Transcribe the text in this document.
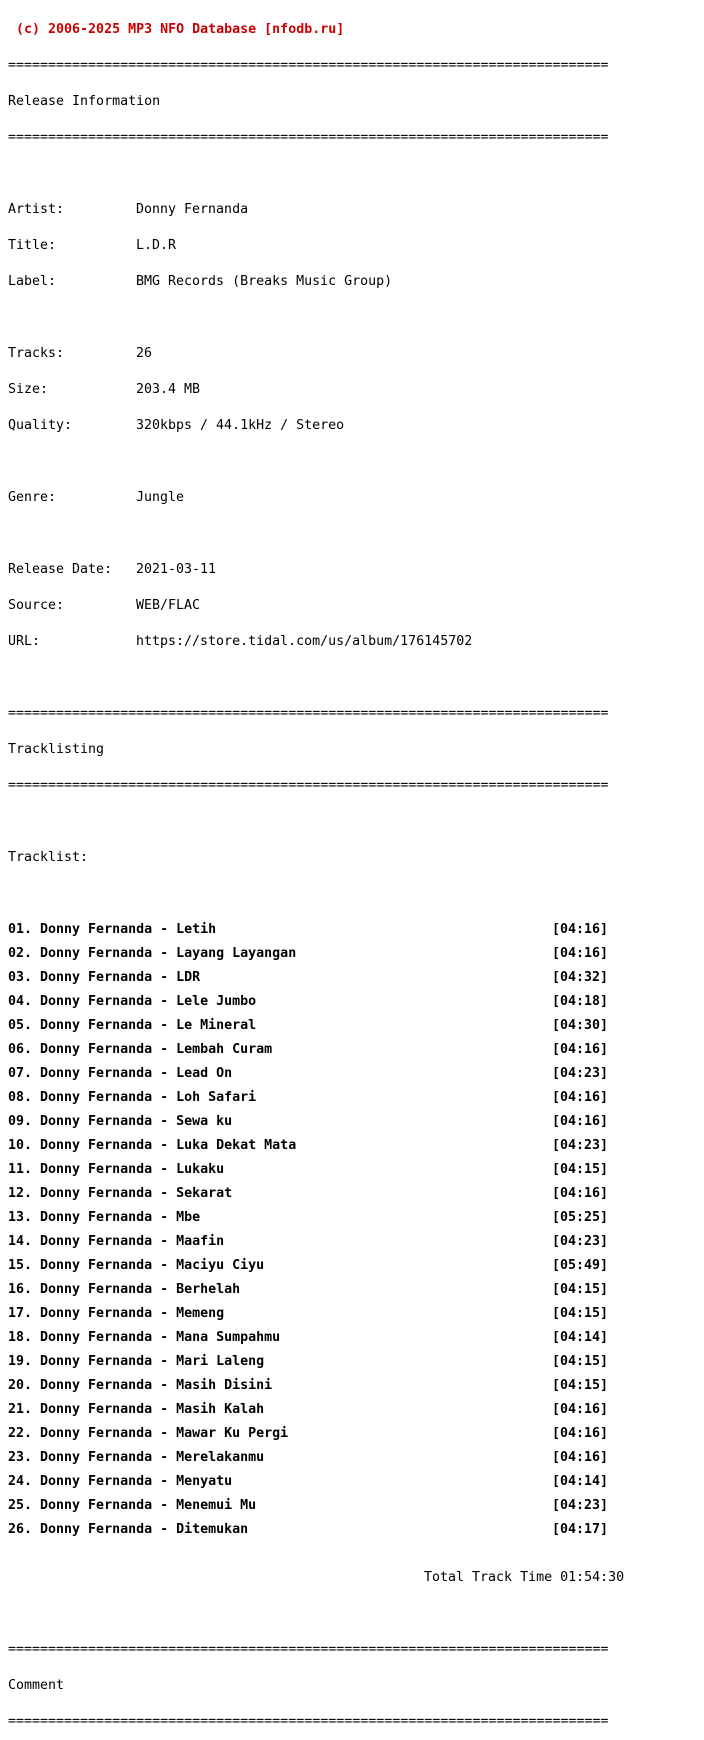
(c) 2006-2025 MP3 NFO Database [nfodb.ru]

===========================================================================

Release Information

===========================================================================

Artist:	Donny Fernanda

Title:	L.D.R

Label:	BMG Records (Breaks Music Group)

Tracks:	26

Size:	203.4 MB

Quality:	320kbps / 44.1kHz / Stereo

Genre:	Jungle

Release Date: 2021-03-11

Source:	WEB/FLAC

URL:	https://store.tidal.com/us/album/176145702

===========================================================================

Tracklisting

===========================================================================

Tracklist:

01. Donny Fernanda - Letih	[04:16]
02. Donny Fernanda - Layang Layangan	[04:16]
03. Donny Fernanda - LDR	[04:32]
04. Donny Fernanda - Lele Jumbo	[04:18]
05. Donny Fernanda - Le Mineral	[04:30]
06. Donny Fernanda - Lembah Curam	[04:16]
07. Donny Fernanda - Lead On	[04:23]
08. Donny Fernanda - Loh Safari	[04:16]
09. Donny Fernanda - Sewa ku	[04:16]
10. Donny Fernanda - Luka Dekat Mata	[04:23]
11. Donny Fernanda - Lukaku	[04:15]
12. Donny Fernanda - Sekarat	[04:16]
13. Donny Fernanda - Mbe	[05:25]
14. Donny Fernanda - Maafin	[04:23]
15. Donny Fernanda - Maciyu Ciyu	[05:49]
16. Donny Fernanda - Berhelah	[04:15]
17. Donny Fernanda - Memeng	[04:15]
18. Donny Fernanda - Mana Sumpahmu	[04:14]
19. Donny Fernanda - Mari Laleng	[04:15]
20. Donny Fernanda - Masih Disini	[04:15]
21. Donny Fernanda - Masih Kalah	[04:16]
22. Donny Fernanda - Mawar Ku Pergi	[04:16]
23. Donny Fernanda - Merelakanmu	[04:16]
24. Donny Fernanda - Menyatu	[04:14]
25. Donny Fernanda - Menemui Mu	[04:23]
26. Donny Fernanda - Ditemukan	[04:17]

Total Track Time 01:54:30

===========================================================================

Comment

===========================================================================
